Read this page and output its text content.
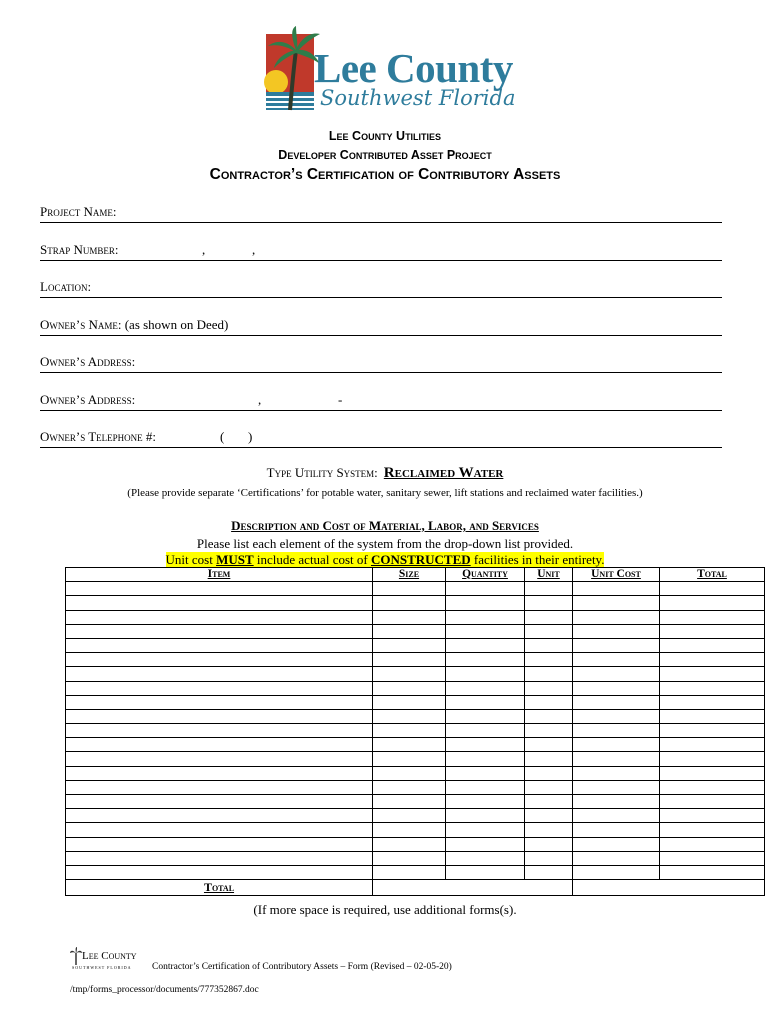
Lee County
Southwest Florida
Lee County Utilities
Developer Contributed Asset Project
Contractor’s Certification of Contributory Assets
Project Name:
Strap Number:	,	,
Location:
Owner’s Name: (as shown on Deed)
Owner’s Address:
Owner’s Address:	,	-
Owner’s Telephone #:	( )
Type Utility System: Reclaimed Water
(Please provide separate ‘Certifications’ for potable water, sanitary sewer, lift stations and reclaimed water facilities.)
Description and Cost of Material, Labor, and Services
Please list each element of the system from the drop-down list provided.
Unit cost MUST include actual cost of CONSTRUCTED facilities in their entirety.
Item	Size	Quantity	Unit	Unit Cost	Total

Total					
(If more space is required, use additional forms(s).
Lee County
SOUTHWEST FLORIDA Contractor’s Certification of Contributory Assets – Form (Revised – 02-05-20)
/tmp/forms_processor/documents/777352867.doc
